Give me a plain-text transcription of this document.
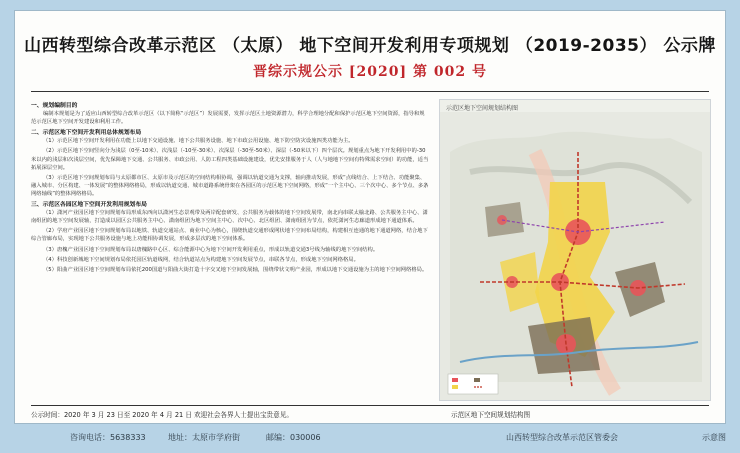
山西转型综合改革示范区 （太原） 地下空间开发利用专项规划 （2019-2035） 公示牌
晋综示规公示 [2020] 第 002 号
一、规划编制目的

编制本规划是为了适应山西转型综合改革示范区（以下简称“示范区”）发展需要，发挥示范区土地资源潜力，科学合理地分配和保护示范区地下空间资源，指导和规范示范区地下空间开发建设和利用工作。

二、示范区地下空间开发利用总体规划布局

（1）示范区地下空间开发利用在功能上以地下交通设施、地下公共服务设施、地下市政公用设施、地下防空防灾设施四类功能为主。

（2）示范区地下空间竖向分为浅层（0至-10米）、次浅层（-10至-30米）、次深层（-30至-50米）、深层（-50米以下）四个层次。规划重点为地下开发利用中的-30米以内的浅层和次浅层空间，优先保障地下交通、公共服务、市政公用、人防工程四类基础设施建设，优先安排服务于人（人与地地下空间有特殊需求空间）的功能，适当拓展深层空间。

（3）示范区地下空间规划布局与太原都市区、太原市及示范区的空间结构相协调，强调以轨道交通为支撑，轴向推动发展，形成“点线结合、上下结合、功能聚集、融入城市、分区构建、一体发展”的整体网络格局，形成以轨道交通、城市道路系统骨架在各园区的示范区地下空间网络，形成“一个主中心、三个次中心、多个节点、多条网络轴线”的整体网络格局。

三、示范区各园区地下空间开发利用规划布局

（1）潇河产业园区地下空间规划布局形成东西向以潇河生态景观带及两岸配套研发、公共服务为载体的地下空间发展带，南北向串联太榆北路、公共服务主中心、潇南组团的地下空间发展轴，打造成以园区公共服务主中心、潇南组团为地下空间主中心、次中心、北区组团、潇南组团为节点，依托潇河生态廊道形成地下通道体系。

（2）学府产业园区地下空间规划布局以地铁、轨道交通站点、商业中心为核心，围绕轨道交通形成网状地下空间布局结构，构建相互连通的地下通道网络，结合地下综合管廊布局，实现地下公共服务设施与地上功能相协调发展，形成多层次的地下空间体系。

（3）唐槐产业园区地下空间规划布局以唐槐路中心区、综合能源中心为地下空间开发利用重点，形成以轨道交通3号线为轴线的地下空间结构。

（4）科技创新城地下空间规划布局依托园区轨道线网，结合轨道站点为构建地下空间发展节点，串联各节点，形成地下空间网络格局。

（5）阳曲产业园区地下空间规划布局依托200国道与阳曲大街打造十字交叉地下空间发展轴，围绕带状文明产业园，形成以地下交通设施为主的地下空间网络格局。

示范区地下空间规划结构图
公示时间：2020 年 3 月 23 日至 2020 年 4 月 21 日 欢迎社会各界人士提出宝贵意见。	示范区地下空间规划结构图
咨询电话：5638333	地址：太原市学府街	邮编：030006	山西转型综合改革示范区管委会	示意图
